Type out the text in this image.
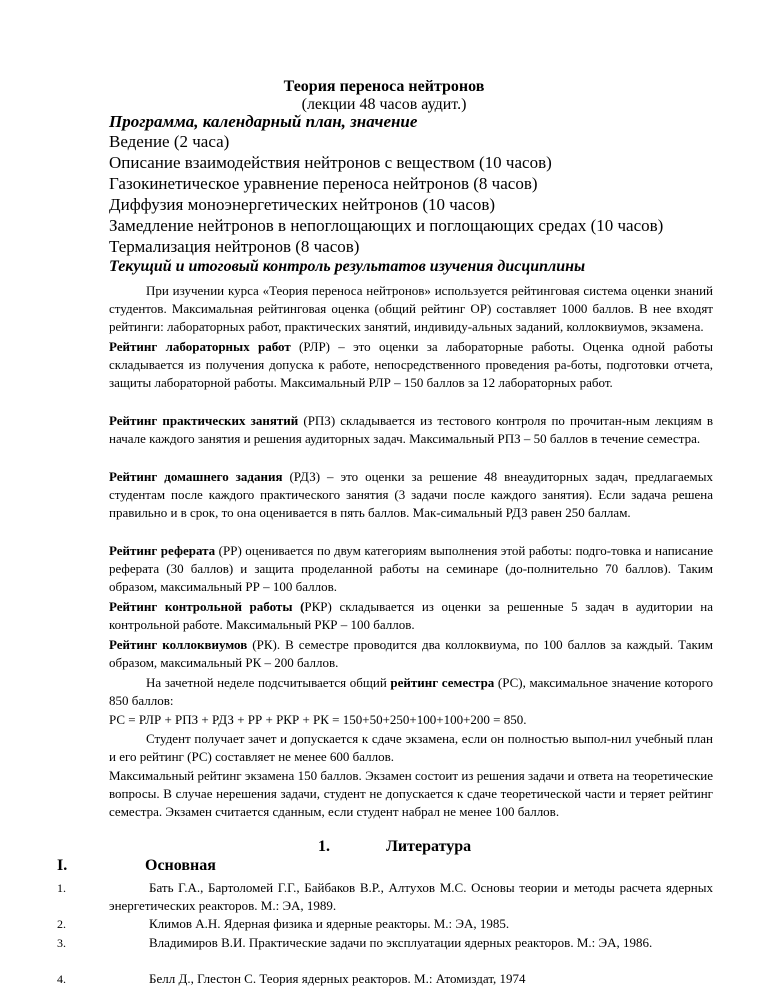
Теория переноса нейтронов
(лекции 48 часов аудит.)
Программа, календарный план, значение
Ведение (2 часа)
Описание взаимодействия нейтронов с веществом (10 часов)
Газокинетическое уравнение переноса нейтронов (8 часов)
Диффузия моноэнергетических нейтронов (10 часов)
Замедление нейтронов в непоглощающих и поглощающих средах (10 часов)
Термализация нейтронов (8 часов)
Текущий и итоговый контроль результатов изучения дисциплины
При изучении курса «Теория переноса нейтронов» используется рейтинговая система оценки знаний студентов. Максимальная рейтинговая оценка (общий рейтинг ОР) составляет 1000 баллов. В нее входят рейтинги: лабораторных работ, практических занятий, индивиду-альных заданий, коллоквиумов, экзамена.
Рейтинг лабораторных работ (РЛР) – это оценки за лабораторные работы. Оценка одной работы складывается из получения допуска к работе, непосредственного проведения ра-боты, подготовки отчета, защиты лабораторной работы. Максимальный РЛР – 150 баллов за 12 лабораторных работ.
Рейтинг практических занятий (РПЗ) складывается из тестового контроля по прочитан-ным лекциям в начале каждого занятия и решения аудиторных задач. Максимальный РПЗ – 50 баллов в течение семестра.
Рейтинг домашнего задания (РДЗ) – это оценки за решение 48 внеаудиторных задач, предлагаемых студентам после каждого практического занятия (3 задачи после каждого занятия). Если задача решена правильно и в срок, то она оценивается в пять баллов. Мак-симальный РДЗ равен 250 баллам.
Рейтинг реферата (РР) оценивается по двум категориям выполнения этой работы: подго-товка и написание реферата (30 баллов) и защита проделанной работы на семинаре (до-полнительно 70 баллов). Таким образом, максимальный РР – 100 баллов.
Рейтинг контрольной работы (РКР) складывается из оценки за решенные 5 задач в аудитории на контрольной работе. Максимальный РКР – 100 баллов.
Рейтинг коллоквиумов (РК). В семестре проводится два коллоквиума, по 100 баллов за каждый. Таким образом, максимальный РК – 200 баллов.
На зачетной неделе подсчитывается общий рейтинг семестра (РС), максимальное значение которого 850 баллов:
РС = РЛР + РПЗ + РДЗ + РР + РКР + РК = 150+50+250+100+100+200 = 850.
Студент получает зачет и допускается к сдаче экзамена, если он полностью выпол-нил учебный план и его рейтинг (РС) составляет не менее 600 баллов.
Максимальный рейтинг экзамена 150 баллов. Экзамен состоит из решения задачи и ответа на теоретические вопросы. В случае нерешения задачи, студент не допускается к сдаче теоретической части и теряет рейтинг семестра. Экзамен считается сданным, если студент набрал не менее 100 баллов.
1.	Литература
I.	Основная
1.	Бать Г.А., Бартоломей Г.Г., Байбаков В.Р., Алтухов М.С. Основы теории и методы расчета ядерных энергетических реакторов. М.: ЭА, 1989.
2.	Климов А.Н. Ядерная физика и ядерные реакторы. М.: ЭА, 1985.
3.	Владимиров В.И. Практические задачи по эксплуатации ядерных реакторов. М.: ЭА, 1986.
4.	Белл Д., Глестон С. Теория ядерных реакторов. М.: Атомиздат, 1974
